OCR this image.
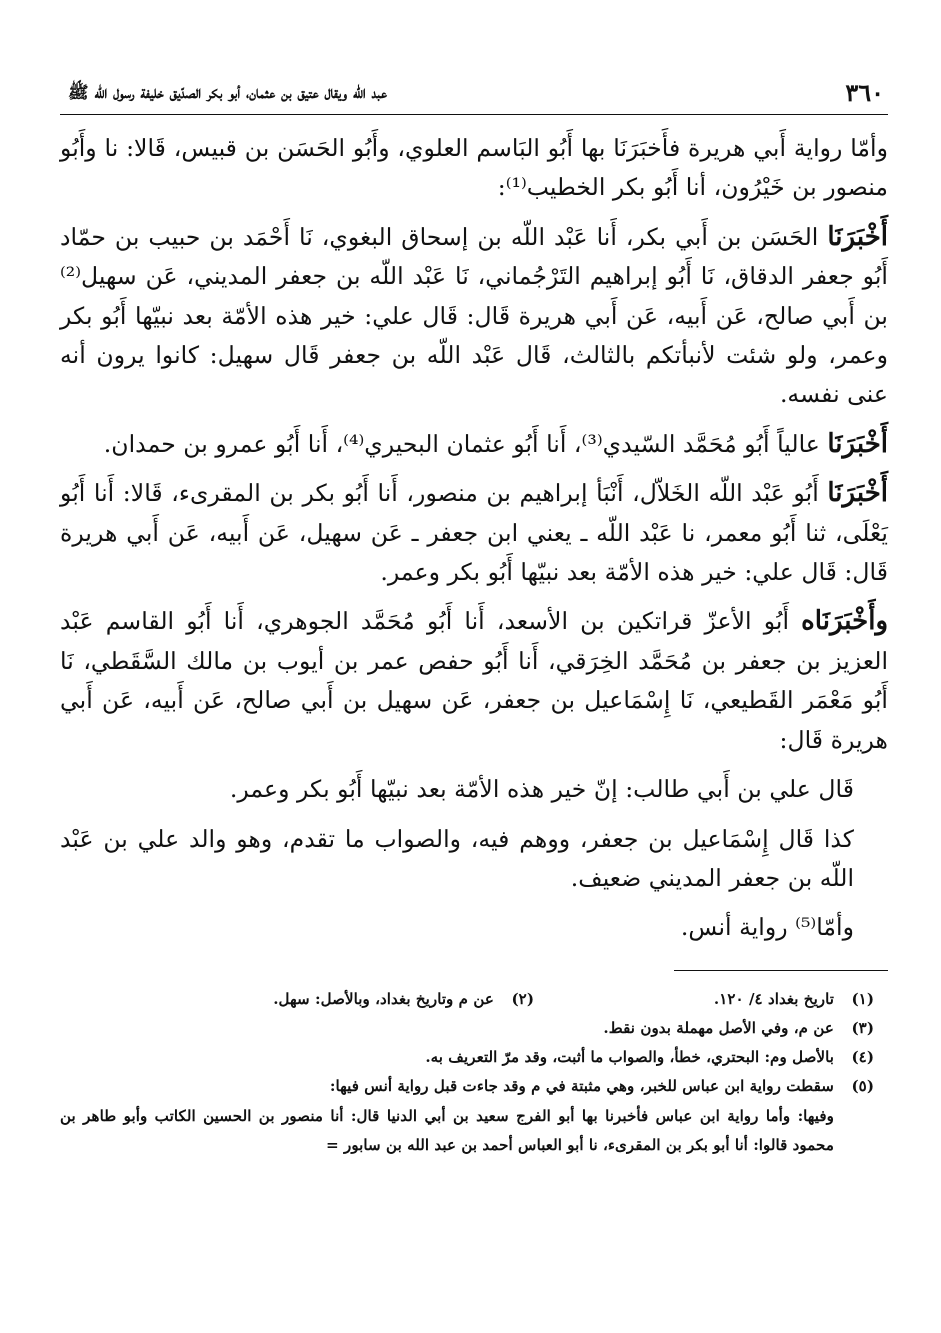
٣٦٠
عبد الله ويقال عتيق بن عثمان، أبو بكر الصدّيق خليفة رسول الله ﷺ

وأمّا رواية أَبي هريرة فأَخبَرَنَا بها أَبُو البَاسم العلوي، وأَبُو الحَسَن بن قبيس، قَالا: نا وأَبُو منصور بن خَيْرُون، أنا أَبُو بكر الخطيب⁽¹⁾:

أَخْبَرَنَا الحَسَن بن أَبي بكر، أَنا عَبْد اللّه بن إسحاق البغوي، نَا أَحْمَد بن حبيب بن حمّاد أَبُو جعفر الدقاق، نَا أَبُو إبراهيم التَرْجُماني، نَا عَبْد اللّه بن جعفر المديني، عَن سهيل⁽²⁾ بن أَبي صالح، عَن أَبيه، عَن أَبي هريرة قَال: قَال علي: خير هذه الأمّة بعد نبيّها أَبُو بكر وعمر، ولو شئت لأنبأتكم بالثالث، قَال عَبْد اللّه بن جعفر قَال سهيل: كانوا يرون أنه عنى نفسه.

أَخْبَرَنَا عالياً أَبُو مُحَمَّد السّيدي⁽³⁾، أَنا أَبُو عثمان البحيري⁽⁴⁾، أَنا أَبُو عمرو بن حمدان.

أَخْبَرَنَا أَبُو عَبْد اللّه الخَلاّل، أَنْبَأ إبراهيم بن منصور، أَنا أَبُو بكر بن المقرىء، قَالا: أَنا أَبُو يَعْلَى، ثنا أَبُو معمر، نا عَبْد اللّه ـ يعني ابن جعفر ـ عَن سهيل، عَن أَبيه، عَن أَبي هريرة قَال: قَال علي: خير هذه الأمّة بعد نبيّها أَبُو بكر وعمر.

وأَخْبَرَنَاه أَبُو الأعزّ قراتكين بن الأسعد، أَنا أَبُو مُحَمَّد الجوهري، أَنا أَبُو القاسم عَبْد العزيز بن جعفر بن مُحَمَّد الخِرَقي، أَنا أَبُو حفص عمر بن أيوب بن مالك السَّقَطي، نَا أَبُو مَعْمَر القَطيعي، نَا إِسْمَاعيل بن جعفر، عَن سهيل بن أَبي صالح، عَن أَبيه، عَن أَبي هريرة قَال:

قَال علي بن أَبي طالب: إنّ خير هذه الأمّة بعد نبيّها أَبُو بكر وعمر.

كذا قَال إِسْمَاعيل بن جعفر، ووهم فيه، والصواب ما تقدم، وهو والد علي بن عَبْد اللّه بن جعفر المديني ضعيف.

وأمّا⁽⁵⁾ رواية أنس.

(١)
تاريخ بغداد ٤/ ١٢٠.
(٢)
عن م وتاريخ بغداد، وبالأصل: سهل.
(٣)
عن م، وفي الأصل مهملة بدون نقط.
(٤)
بالأصل وم: البحتري، خطأ، والصواب ما أثبت، وقد مرّ التعريف به.
(٥)
سقطت رواية ابن عباس للخبر، وهي مثبتة في م وقد جاءت قبل رواية أنس فيها:
وفيها: وأما رواية ابن عباس فأخبرنا بها أبو الفرج سعيد بن أبي الدنيا قال: أنا منصور بن الحسين الكاتب وأبو طاهر بن محمود قالوا: أنا أبو بكر بن المقرىء، نا أبو العباس أحمد بن عبد الله بن سابور =
